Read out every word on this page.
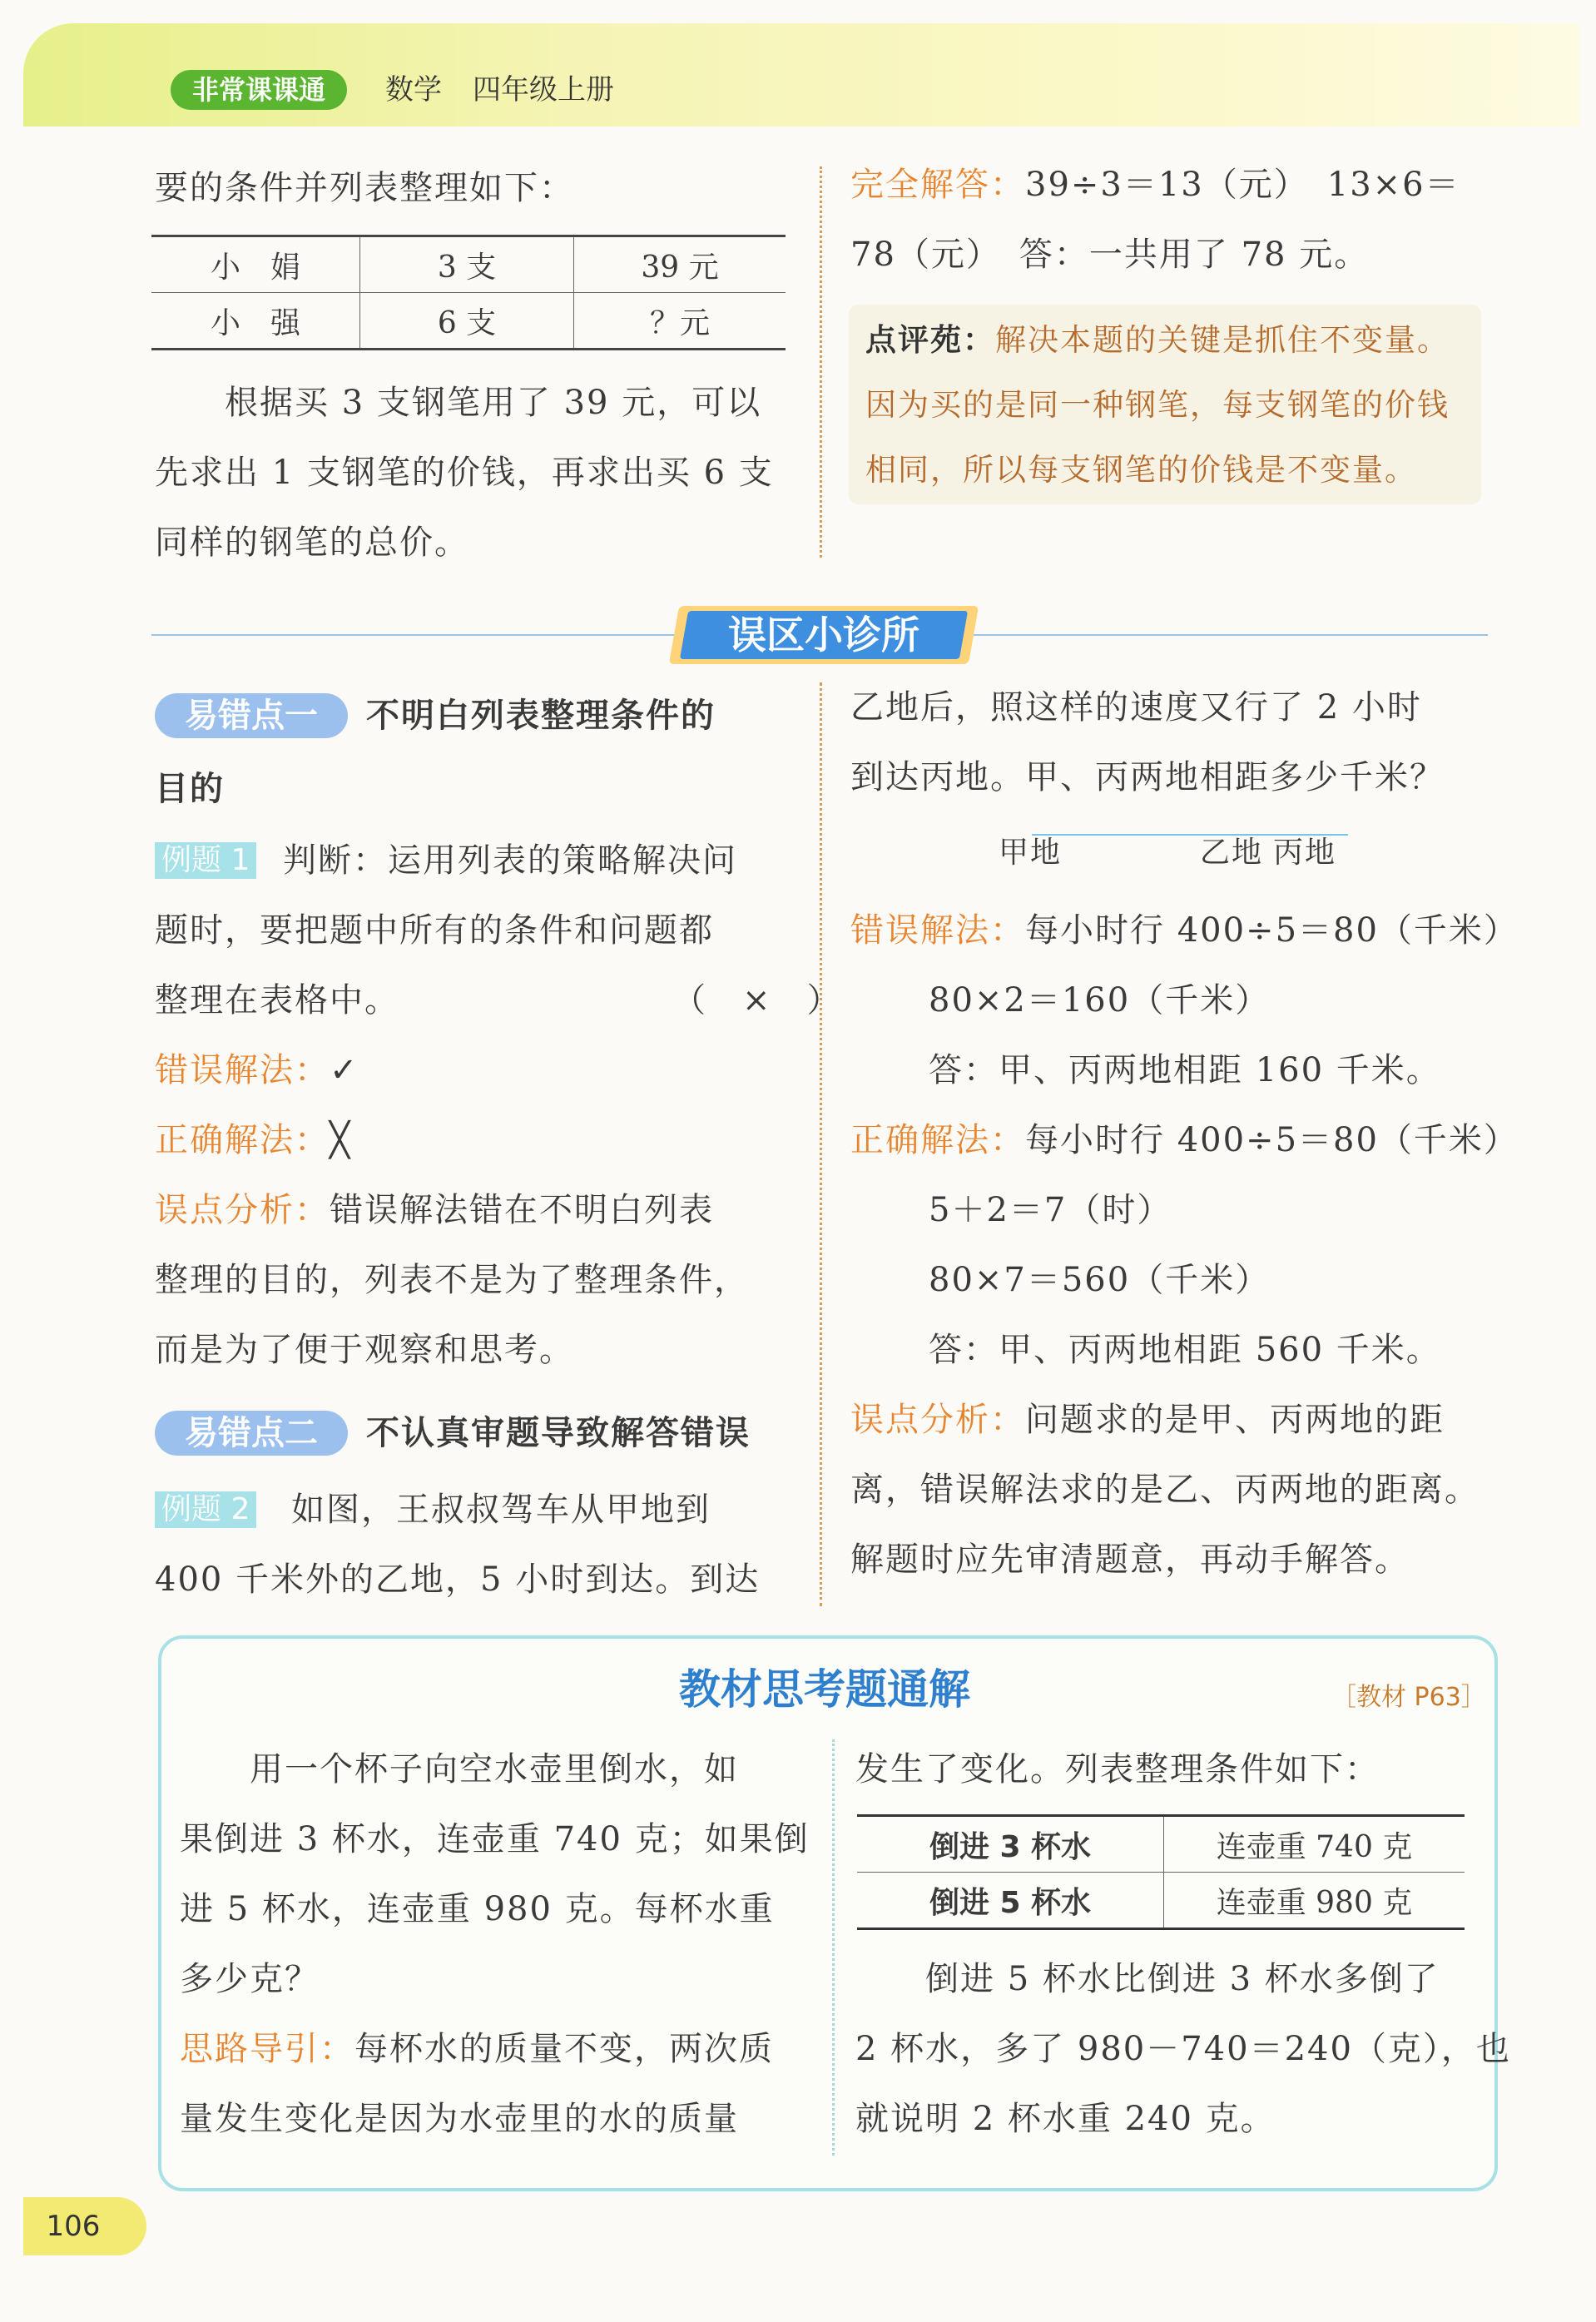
非常课课通	数学 四年级上册
要的条件并列表整理如下：
小　娟	3 支	39 元
小　强	6 支	？元
　　根据买 3 支钢笔用了 39 元，可以
先求出 1 支钢笔的价钱，再求出买 6 支
同样的钢笔的总价。
完全解答：39÷3＝13（元）　13×6＝
78（元）　答：一共用了 78 元。
点评苑：解决本题的关键是抓住不变量。
因为买的是同一种钢笔，每支钢笔的价钱
相同，所以每支钢笔的价钱是不变量。
误区小诊所
易错点一	不明白列表整理条件的
目的
例题 1 判断：运用列表的策略解决问
题时，要把题中所有的条件和问题都
整理在表格中。	（　×　）
错误解法：✓
正确解法：╳
误点分析：错误解法错在不明白列表
整理的目的，列表不是为了整理条件，
而是为了便于观察和思考。
易错点二	不认真审题导致解答错误
例题 2 如图，王叔叔驾车从甲地到
400 千米外的乙地，5 小时到达。到达
乙地后，照这样的速度又行了 2 小时
到达丙地。甲、丙两地相距多少千米？
甲地	乙地 丙地
错误解法：每小时行 400÷5＝80（千米）
80×2＝160（千米）
答：甲、丙两地相距 160 千米。
正确解法：每小时行 400÷5＝80（千米）
5＋2＝7（时）
80×7＝560（千米）
答：甲、丙两地相距 560 千米。
误点分析：问题求的是甲、丙两地的距
离，错误解法求的是乙、丙两地的距离。
解题时应先审清题意，再动手解答。
教材思考题通解	［教材 P63］
　　用一个杯子向空水壶里倒水，如
果倒进 3 杯水，连壶重 740 克；如果倒
进 5 杯水，连壶重 980 克。每杯水重
多少克？
思路导引：每杯水的质量不变，两次质
量发生变化是因为水壶里的水的质量
发生了变化。列表整理条件如下：
倒进 3 杯水	连壶重 740 克
倒进 5 杯水	连壶重 980 克
　　倒进 5 杯水比倒进 3 杯水多倒了
2 杯水，多了 980－740＝240（克），也
就说明 2 杯水重 240 克。
106
